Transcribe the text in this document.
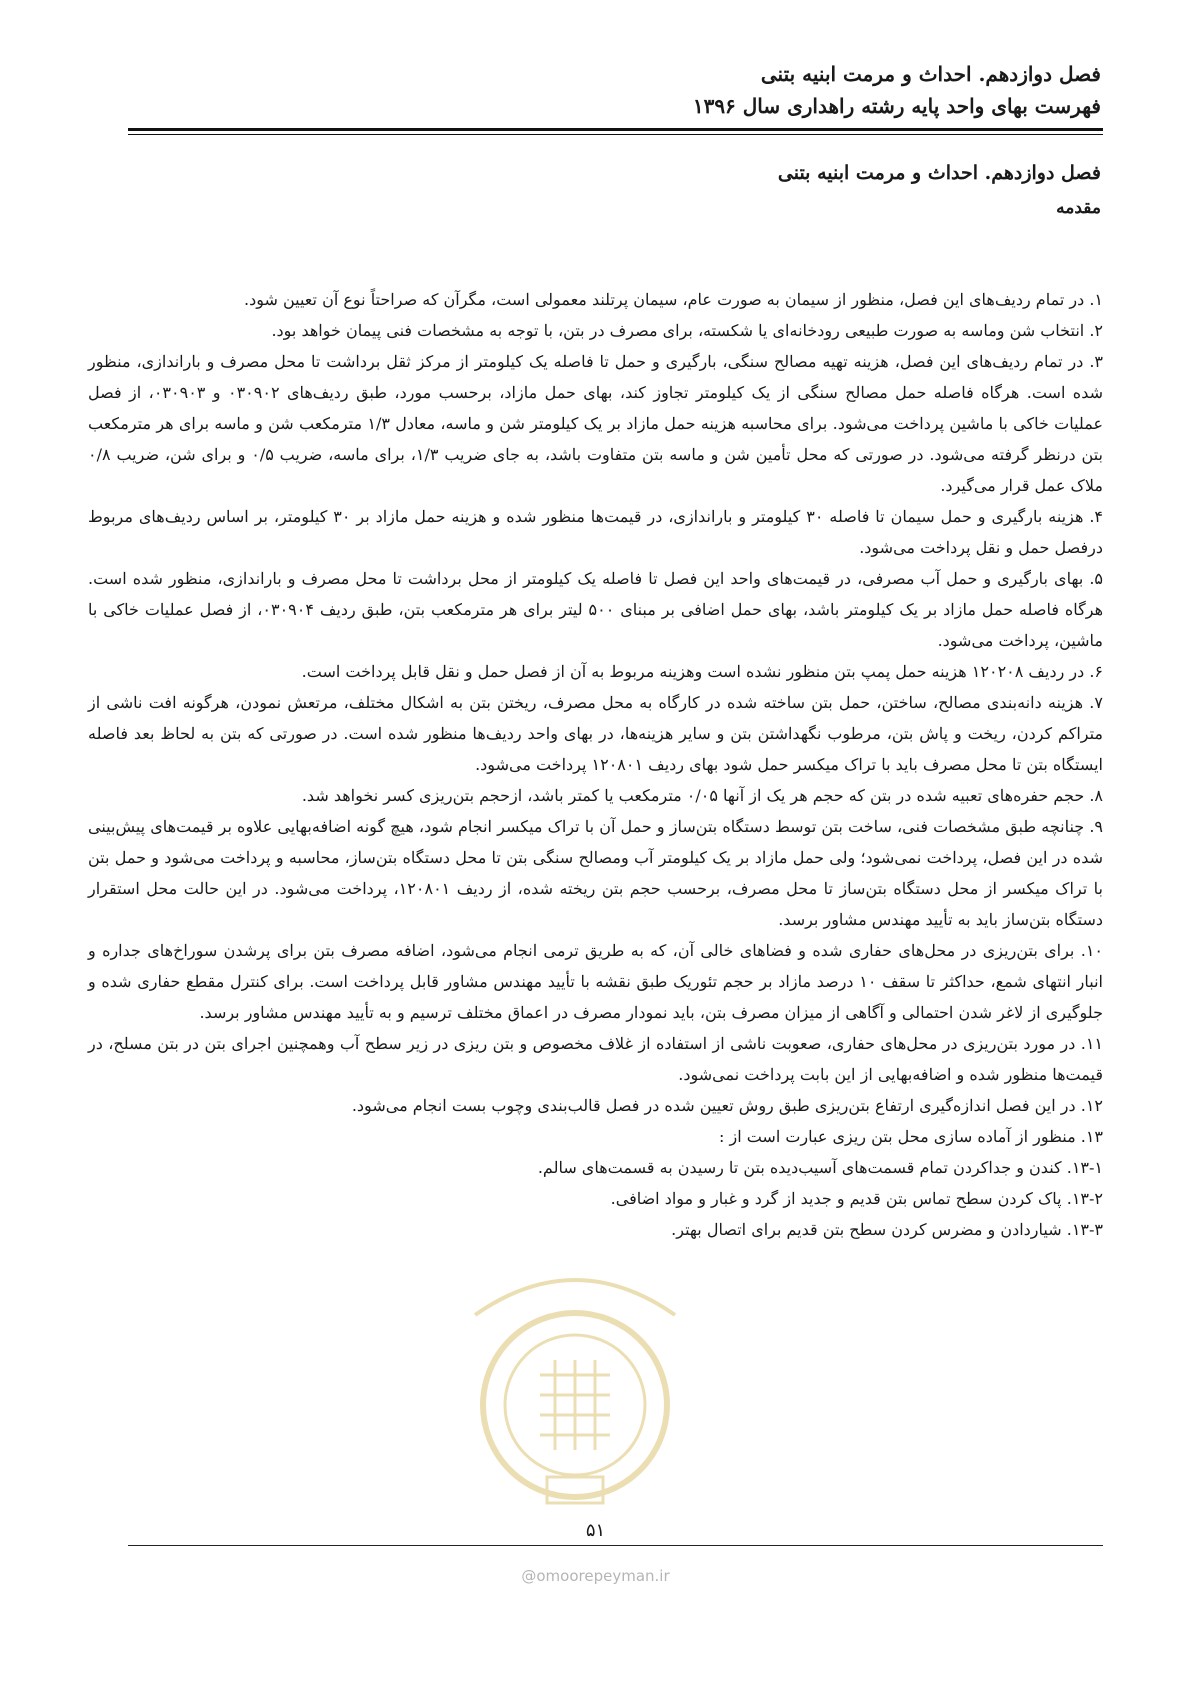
فصل دوازدهم. احداث و مرمت ابنیه بتنی
فهرست بهای واحد پایه رشته راهداری سال ۱۳۹۶
فصل دوازدهم. احداث و مرمت ابنیه بتنی
مقدمه

۱. در تمام ردیف‌های این فصل، منظور از سیمان به صورت عام، سیمان پرتلند معمولی است، مگرآن که صراحتاً نوع آن تعیین شود.

۲. انتخاب شن وماسه به صورت طبیعی رودخانه‌ای یا شکسته، برای مصرف در بتن، با توجه به مشخصات فنی پیمان خواهد بود.

۳. در تمام ردیف‌های این فصل، هزینه تهیه مصالح سنگی، بارگیری و حمل تا فاصله یک کیلومتر از مرکز ثقل برداشت تا محل مصرف و باراندازی، منظور شده است. هرگاه فاصله حمل مصالح سنگی از یک کیلومتر تجاوز کند، بهای حمل مازاد، برحسب مورد، طبق ردیف‌های ۰۳۰۹۰۲ و ۰۳۰۹۰۳، از فصل عملیات خاکی با ماشین پرداخت می‌شود. برای محاسبه هزینه حمل مازاد بر یک کیلومتر شن و ماسه، معادل ۱/۳ مترمکعب شن و ماسه برای هر مترمکعب بتن درنظر گرفته می‌شود. در صورتی که محل تأمین شن و ماسه بتن متفاوت باشد، به جای ضریب ۱/۳، برای ماسه، ضریب ۰/۵ و برای شن، ضریب ۰/۸ ملاک عمل قرار می‌گیرد.

۴. هزینه بارگیری و حمل سیمان تا فاصله ۳۰ کیلومتر و باراندازی، در قیمت‌ها منظور شده و هزینه حمل مازاد بر ۳۰ کیلومتر، بر اساس ردیف‌های مربوط درفصل حمل و نقل پرداخت می‌شود.

۵. بهای بارگیری و حمل آب مصرفی، در قیمت‌های واحد این فصل تا فاصله یک کیلومتر از محل برداشت تا محل مصرف و باراندازی، منظور شده است. هرگاه فاصله حمل مازاد بر یک کیلومتر باشد، بهای حمل اضافی بر مبنای ۵۰۰ لیتر برای هر مترمکعب بتن، طبق ردیف ۰۳۰۹۰۴، از فصل عملیات خاکی با ماشین، پرداخت می‌شود.

۶. در ردیف ۱۲۰۲۰۸ هزینه حمل پمپ بتن منظور نشده است وهزینه مربوط به آن از فصل حمل و نقل قابل پرداخت است.

۷. هزینه دانه‌بندی مصالح، ساختن، حمل بتن ساخته شده در کارگاه به محل مصرف، ریختن بتن به اشکال مختلف، مرتعش نمودن، هرگونه افت ناشی از متراکم کردن، ریخت و پاش بتن، مرطوب نگهداشتن بتن و سایر هزینه‌ها، در بهای واحد ردیف‌ها منظور شده است. در صورتی که بتن به لحاظ بعد فاصله ایستگاه بتن تا محل مصرف باید با تراک میکسر حمل شود بهای ردیف ۱۲۰۸۰۱ پرداخت می‌شود.

۸. حجم حفره‌های تعبیه شده در بتن که حجم هر یک از آنها ۰/۰۵ مترمکعب یا کمتر باشد، ازحجم بتن‌ریزی کسر نخواهد شد.

۹. چنانچه طبق مشخصات فنی، ساخت بتن توسط دستگاه بتن‌ساز و حمل آن با تراک میکسر انجام شود، هیچ گونه اضافه‌بهایی علاوه بر قیمت‌های پیش‌بینی شده در این فصل، پرداخت نمی‌شود؛ ولی حمل مازاد بر یک کیلومتر آب ومصالح سنگی بتن تا محل دستگاه بتن‌ساز، محاسبه و پرداخت می‌شود و حمل بتن با تراک میکسر از محل دستگاه بتن‌ساز تا محل مصرف، برحسب حجم بتن ریخته شده، از ردیف ۱۲۰۸۰۱، پرداخت می‌شود. در این حالت محل استقرار دستگاه بتن‌ساز باید به تأیید مهندس مشاور برسد.

۱۰. برای بتن‌ریزی در محل‌های حفاری شده و فضاهای خالی آن، که به طریق ترمی انجام می‌شود، اضافه مصرف بتن برای پرشدن سوراخ‌های جداره و انبار انتهای شمع، حداکثر تا سقف ۱۰ درصد مازاد بر حجم تئوریک طبق نقشه با تأیید مهندس مشاور قابل پرداخت است. برای کنترل مقطع حفاری شده و جلوگیری از لاغر شدن احتمالی و آگاهی از میزان مصرف بتن، باید نمودار مصرف در اعماق مختلف ترسیم و به تأیید مهندس مشاور برسد.

۱۱. در مورد بتن‌ریزی در محل‌های حفاری، صعوبت ناشی از استفاده از غلاف مخصوص و بتن ریزی در زیر سطح آب وهمچنین اجرای بتن در بتن مسلح، در قیمت‌ها منظور شده و اضافه‌بهایی از این بابت پرداخت نمی‌شود.

۱۲. در این فصل اندازه‌گیری ارتفاع بتن‌ریزی طبق روش تعیین شده در فصل قالب‌بندی وچوب بست انجام می‌شود.

۱۳. منظور از آماده سازی محل بتن ریزی عبارت است از :

۱۳-۱. کندن و جداکردن تمام قسمت‌های آسیب‌دیده بتن تا رسیدن به قسمت‌های سالم.

۱۳-۲. پاک کردن سطح تماس بتن قدیم و جدید از گرد و غبار و مواد اضافی.

۱۳-۳. شیاردادن و مضرس کردن سطح بتن قدیم برای اتصال بهتر.

۵۱
@omoorepeyman.ir
